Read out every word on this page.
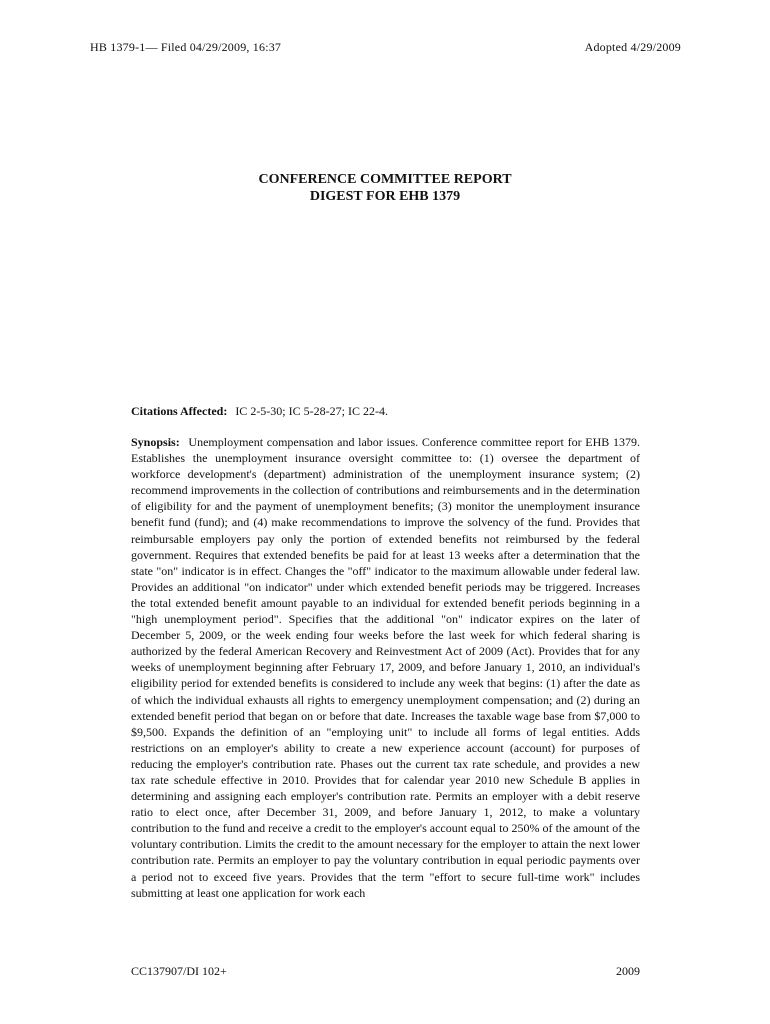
HB 1379-1— Filed 04/29/2009, 16:37	Adopted 4/29/2009
CONFERENCE COMMITTEE REPORT
DIGEST FOR EHB 1379
Citations Affected: IC 2-5-30; IC 5-28-27; IC 22-4.
Synopsis: Unemployment compensation and labor issues. Conference committee report for EHB 1379. Establishes the unemployment insurance oversight committee to: (1) oversee the department of workforce development's (department) administration of the unemployment insurance system; (2) recommend improvements in the collection of contributions and reimbursements and in the determination of eligibility for and the payment of unemployment benefits; (3) monitor the unemployment insurance benefit fund (fund); and (4) make recommendations to improve the solvency of the fund. Provides that reimbursable employers pay only the portion of extended benefits not reimbursed by the federal government. Requires that extended benefits be paid for at least 13 weeks after a determination that the state "on" indicator is in effect. Changes the "off" indicator to the maximum allowable under federal law. Provides an additional "on indicator" under which extended benefit periods may be triggered. Increases the total extended benefit amount payable to an individual for extended benefit periods beginning in a "high unemployment period". Specifies that the additional "on" indicator expires on the later of December 5, 2009, or the week ending four weeks before the last week for which federal sharing is authorized by the federal American Recovery and Reinvestment Act of 2009 (Act). Provides that for any weeks of unemployment beginning after February 17, 2009, and before January 1, 2010, an individual's eligibility period for extended benefits is considered to include any week that begins: (1) after the date as of which the individual exhausts all rights to emergency unemployment compensation; and (2) during an extended benefit period that began on or before that date. Increases the taxable wage base from $7,000 to $9,500. Expands the definition of an "employing unit" to include all forms of legal entities. Adds restrictions on an employer's ability to create a new experience account (account) for purposes of reducing the employer's contribution rate. Phases out the current tax rate schedule, and provides a new tax rate schedule effective in 2010. Provides that for calendar year 2010 new Schedule B applies in determining and assigning each employer's contribution rate. Permits an employer with a debit reserve ratio to elect once, after December 31, 2009, and before January 1, 2012, to make a voluntary contribution to the fund and receive a credit to the employer's account equal to 250% of the amount of the voluntary contribution. Limits the credit to the amount necessary for the employer to attain the next lower contribution rate. Permits an employer to pay the voluntary contribution in equal periodic payments over a period not to exceed five years. Provides that the term "effort to secure full-time work" includes submitting at least one application for work each
CC137907/DI 102+	2009
